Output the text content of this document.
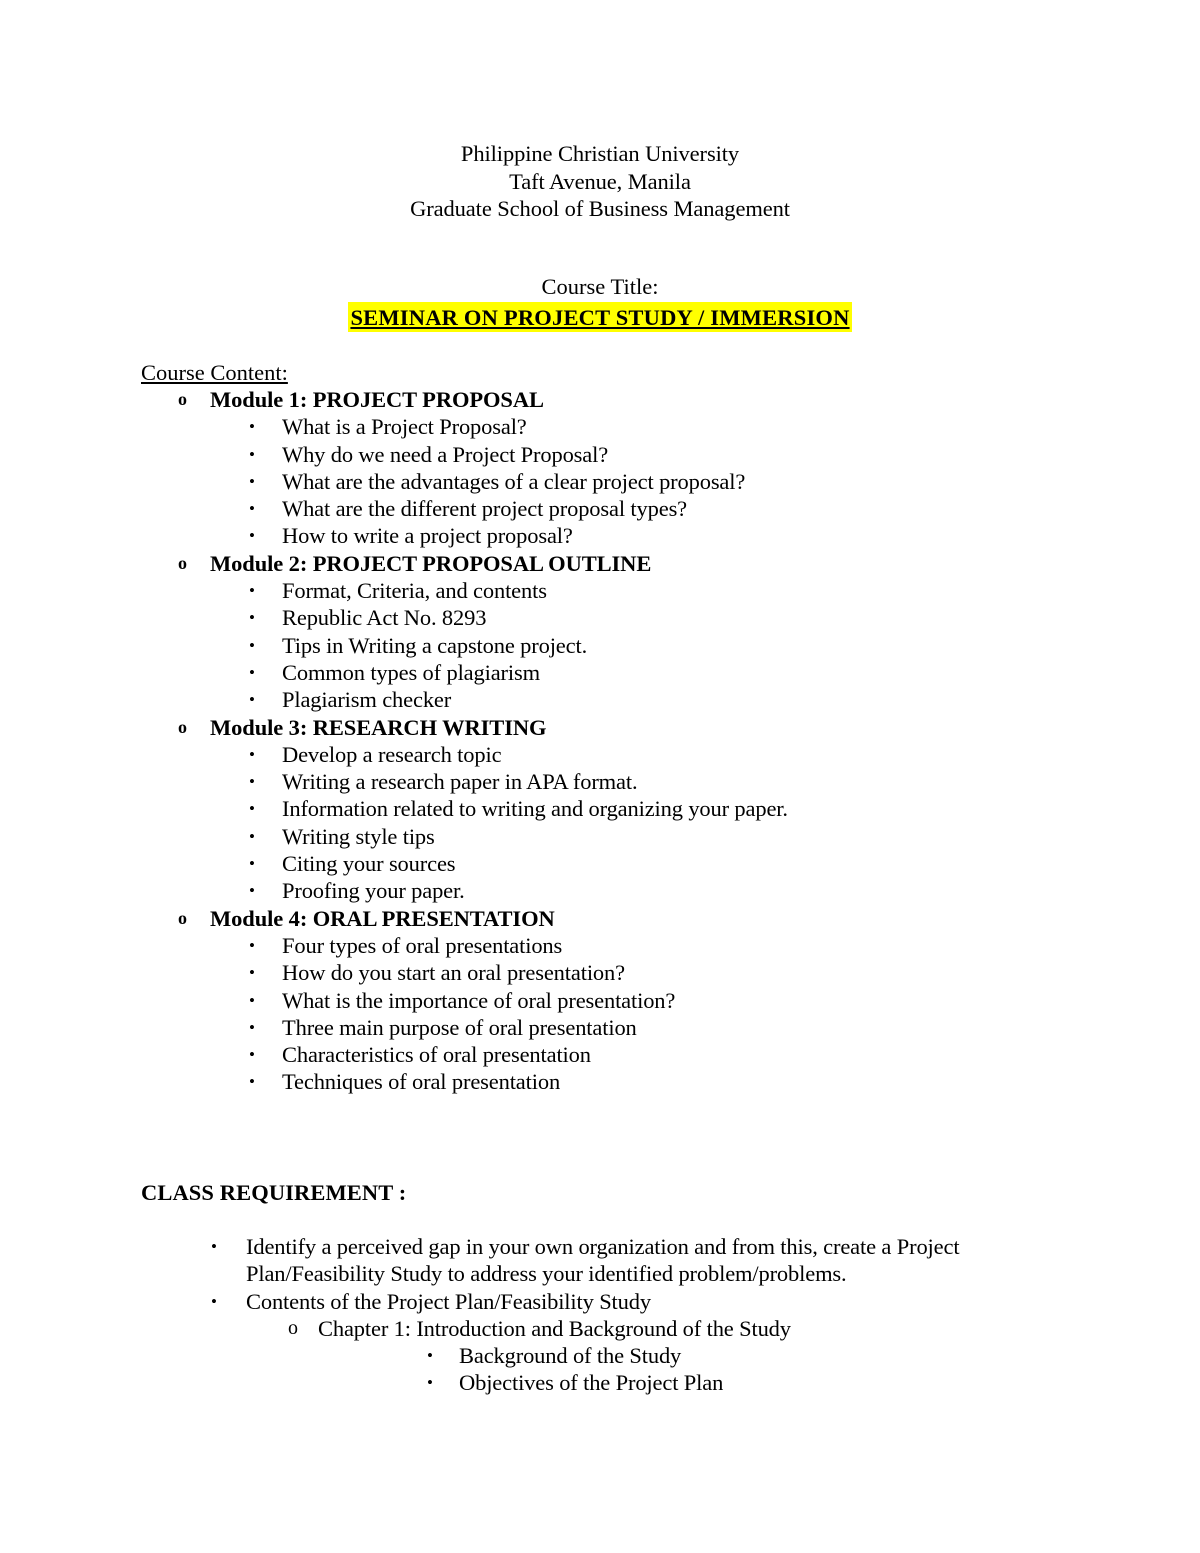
Philippine Christian University
Taft Avenue, Manila
Graduate School of Business Management
Course Title:
SEMINAR ON PROJECT STUDY / IMMERSION
Course Content:
o Module 1: PROJECT PROPOSAL
• What is a Project Proposal?
• Why do we need a Project Proposal?
• What are the advantages of a clear project proposal?
• What are the different project proposal types?
• How to write a project proposal?
o Module 2: PROJECT PROPOSAL OUTLINE
• Format, Criteria, and contents
• Republic Act No. 8293
• Tips in Writing a capstone project.
• Common types of plagiarism
• Plagiarism checker
o Module 3: RESEARCH WRITING
• Develop a research topic
• Writing a research paper in APA format.
• Information related to writing and organizing your paper.
• Writing style tips
• Citing your sources
• Proofing your paper.
o Module 4: ORAL PRESENTATION
• Four types of oral presentations
• How do you start an oral presentation?
• What is the importance of oral presentation?
• Three main purpose of oral presentation
• Characteristics of oral presentation
• Techniques of oral presentation
CLASS REQUIREMENT :
• Identify a perceived gap in your own organization and from this, create a Project Plan/Feasibility Study to address your identified problem/problems.
• Contents of the Project Plan/Feasibility Study
o Chapter 1: Introduction and Background of the Study
• Background of the Study
• Objectives of the Project Plan
